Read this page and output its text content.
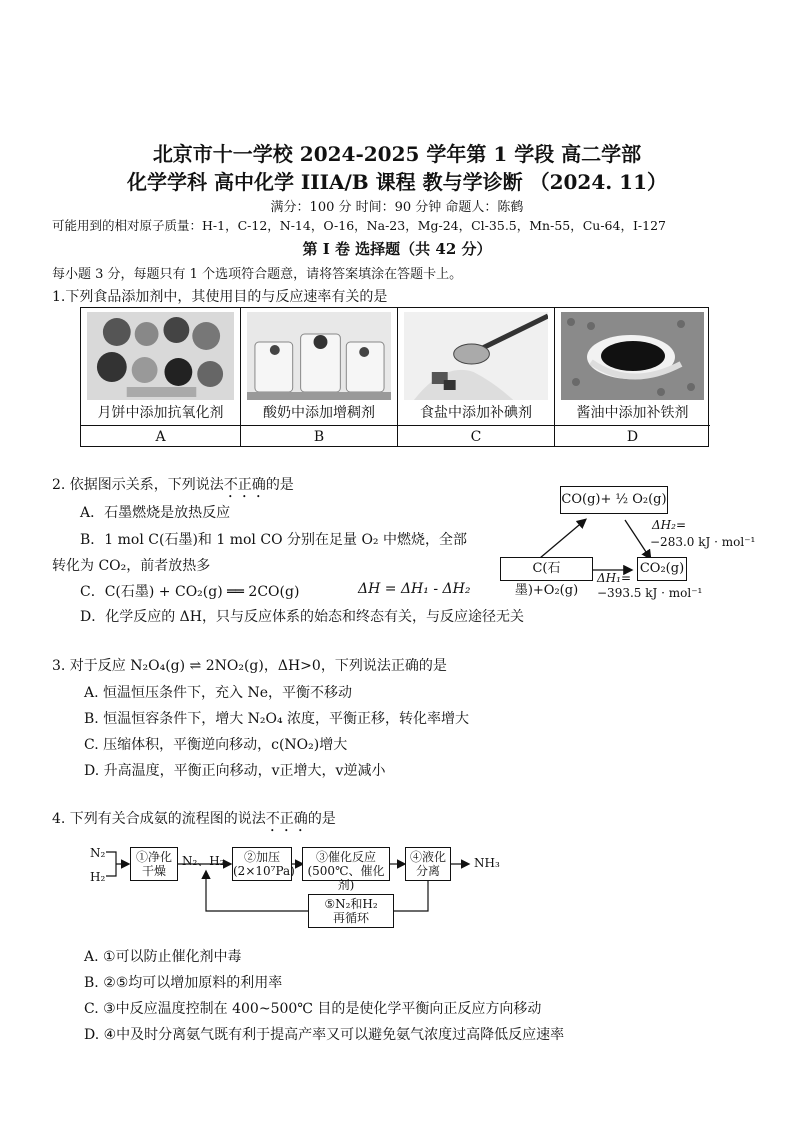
北京市十一学校 2024-2025 学年第 1 学段 高二学部
化学学科 高中化学 IIIA/B 课程 教与学诊断 （2024. 11）
满分：100 分 时间：90 分钟 命题人：陈鹤
可能用到的相对原子质量：H-1，C-12，N-14，O-16，Na-23，Mg-24，Cl-35.5，Mn-55，Cu-64，I-127
第 I 卷 选择题（共 42 分）
每小题 3 分，每题只有 1 个选项符合题意，请将答案填涂在答题卡上。
1.下列食品添加剂中，其使用目的与反应速率有关的是
月饼中添加抗氧化剂
A
酸奶中添加增稠剂
B
食盐中添加补碘剂
C
酱油中添加补铁剂
D
2. 依据图示关系，下列说法不正确的是
A．石墨燃烧是放热反应
B．1 mol C(石墨)和 1 mol CO 分别在足量 O₂ 中燃烧，全部
转化为 CO₂，前者放热多
C．C(石墨) + CO₂(g) ══ 2CO(g)	ΔH = ΔH₁ - ΔH₂
D．化学反应的 ΔH，只与反应体系的始态和终态有关，与反应途径无关
CO(g)+ ½ O₂(g)
C(石墨)+O₂(g)
CO₂(g)
ΔH₂=
−283.0 kJ · mol⁻¹
ΔH₁=
−393.5 kJ · mol⁻¹
3. 对于反应 N₂O₄(g) ⇌ 2NO₂(g)，ΔH>0，下列说法正确的是
A. 恒温恒压条件下，充入 Ne，平衡不移动
B. 恒温恒容条件下，增大 N₂O₄ 浓度，平衡正移，转化率增大
C. 压缩体积，平衡逆向移动，c(NO₂)增大
D. 升高温度，平衡正向移动，v正增大，v逆减小
4. 下列有关合成氨的流程图的说法不正确的是
N₂
H₂
①净化
干燥
N₂、H₂	②加压
(2×10⁷Pa)
③催化反应
(500℃、催化剂)
④液化
分离
NH₃
⑤N₂和H₂
再循环
A. ①可以防止催化剂中毒
B. ②⑤均可以增加原料的利用率
C. ③中反应温度控制在 400~500℃ 目的是使化学平衡向正反应方向移动
D. ④中及时分离氨气既有利于提高产率又可以避免氨气浓度过高降低反应速率
